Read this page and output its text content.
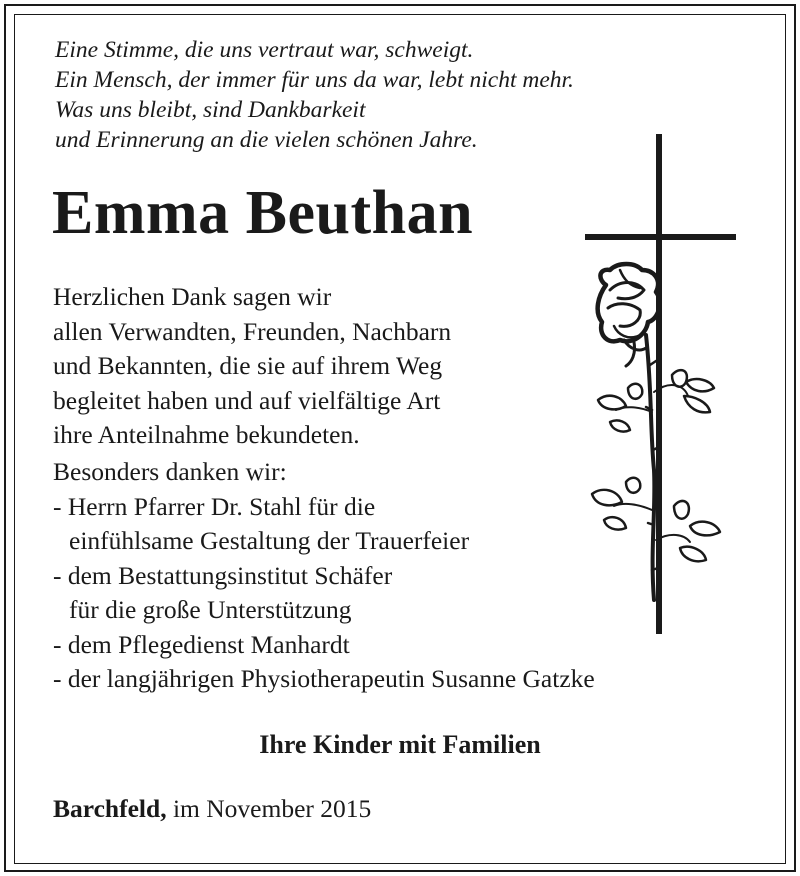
Eine Stimme, die uns vertraut war, schweigt.
Ein Mensch, der immer für uns da war, lebt nicht mehr.
Was uns bleibt, sind Dankbarkeit
und Erinnerung an die vielen schönen Jahre.
Emma Beuthan
Herzlichen Dank sagen wir
allen Verwandten, Freunden, Nachbarn
und Bekannten, die sie auf ihrem Weg
begleitet haben und auf vielfältige Art
ihre Anteilnahme bekundeten.
Besonders danken wir:
- Herrn Pfarrer Dr. Stahl für die
einfühlsame Gestaltung der Trauerfeier
- dem Bestattungsinstitut Schäfer
für die große Unterstützung
- dem Pflegedienst Manhardt
- der langjährigen Physiotherapeutin Susanne Gatzke
Ihre Kinder mit Familien
Barchfeld, im November 2015
